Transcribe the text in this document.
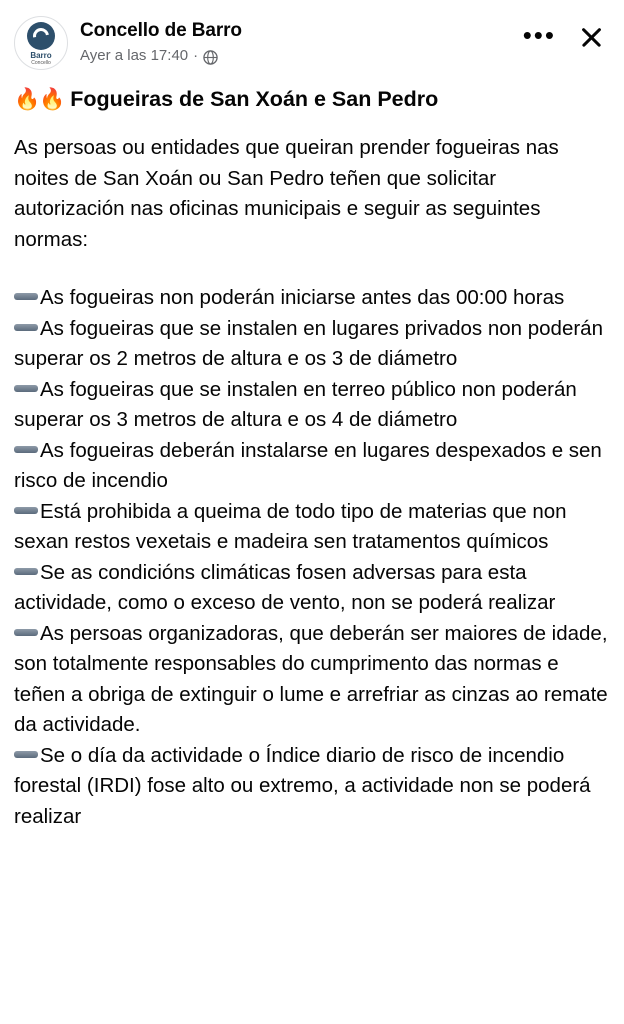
Barro
Concello
Concello de Barro
Ayer a las 17:40 ·
•••
🔥🔥 Fogueiras de San Xoán e San Pedro

As persoas ou entidades que queiran prender fogueiras nas noites de San Xoán ou San Pedro teñen que solicitar autorización nas oficinas municipais e seguir as seguintes normas:

As fogueiras non poderán iniciarse antes das 00:00 horas

As fogueiras que se instalen en lugares privados non poderán superar os 2 metros de altura e os 3 de diámetro

As fogueiras que se instalen en terreo público non poderán superar os 3 metros de altura e os 4 de diámetro

As fogueiras deberán instalarse en lugares despexados e sen risco de incendio

Está prohibida a queima de todo tipo de materias que non sexan restos vexetais e madeira sen tratamentos químicos

Se as condicións climáticas fosen adversas para esta actividade, como o exceso de vento, non se poderá realizar

As persoas organizadoras, que deberán ser maiores de idade, son totalmente responsables do cumprimento das normas e teñen a obriga de extinguir o lume e arrefriar as cinzas ao remate da actividade.

Se o día da actividade o Índice diario de risco de incendio forestal (IRDI) fose alto ou extremo, a actividade non se poderá realizar
